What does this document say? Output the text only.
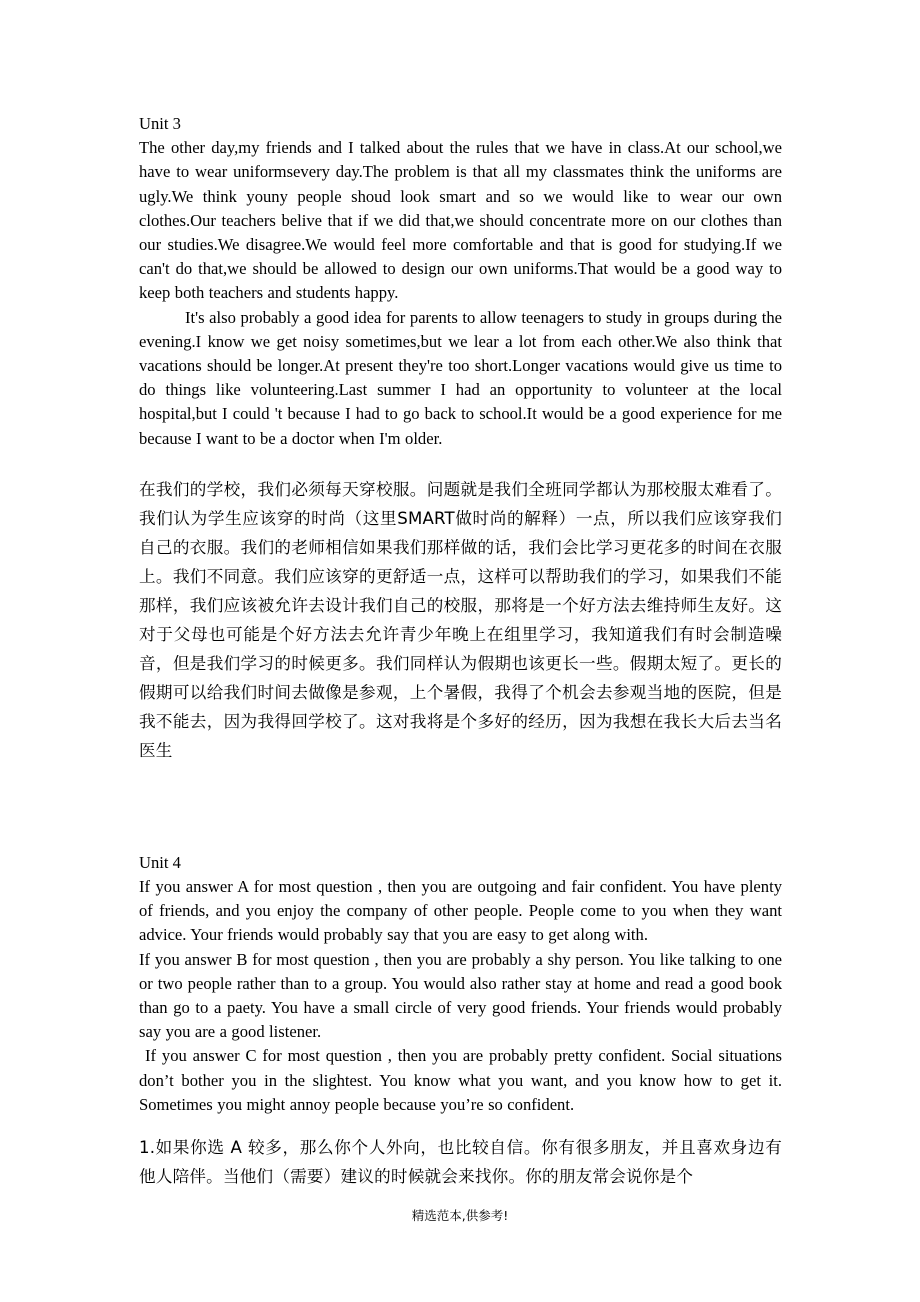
Unit 3

The other day,my friends and I talked about the rules that we have in class.At our school,we have to wear uniformsevery day.The problem is that all my classmates think the uniforms are ugly.We think youny people shoud look smart and so we would like to wear our own clothes.Our teachers belive that if we did that,we should concentrate more on our clothes than our studies.We disagree.We would feel more comfortable and that is good for studying.If we can't do that,we should be allowed to design our own uniforms.That would be a good way to keep both teachers and students happy.

It's also probably a good idea for parents to allow teenagers to study in groups during the evening.I know we get noisy sometimes,but we lear a lot from each other.We also think that vacations should be longer.At present they're too short.Longer vacations would give us time to do things like volunteering.Last summer I had an opportunity to volunteer at the local hospital,but I could 't because I had to go back to school.It would be a good experience for me because I want to be a doctor when I'm older.

在我们的学校，我们必须每天穿校服。问题就是我们全班同学都认为那校服太难看了。我们认为学生应该穿的时尚（这里SMART做时尚的解释）一点，所以我们应该穿我们自己的衣服。我们的老师相信如果我们那样做的话，我们会比学习更花多的时间在衣服上。我们不同意。我们应该穿的更舒适一点，这样可以帮助我们的学习，如果我们不能那样，我们应该被允许去设计我们自己的校服，那将是一个好方法去维持师生友好。这对于父母也可能是个好方法去允许青少年晚上在组里学习，我知道我们有时会制造噪音，但是我们学习的时候更多。我们同样认为假期也该更长一些。假期太短了。更长的假期可以给我们时间去做像是参观，上个暑假，我得了个机会去参观当地的医院，但是我不能去，因为我得回学校了。这对我将是个多好的经历，因为我想在我长大后去当名医生

Unit 4

If you answer A for most question , then you are outgoing and fair confident. You have plenty of friends, and you enjoy the company of other people. People come to you when they want advice. Your friends would probably say that you are easy to get along with.

If you answer B for most question , then you are probably a shy person. You like talking to one or two people rather than to a group. You would also rather stay at home and read a good book than go to a paety. You have a small circle of very good friends. Your friends would probably say you are a good listener.

If you answer C for most question , then you are probably pretty confident. Social situations don’t bother you in the slightest. You know what you want, and you know how to get it. Sometimes you might annoy people because you’re so confident.

1.如果你选 A 较多，那么你个人外向，也比较自信。你有很多朋友，并且喜欢身边有他人陪伴。当他们（需要）建议的时候就会来找你。你的朋友常会说你是个

精选范本,供参考!
